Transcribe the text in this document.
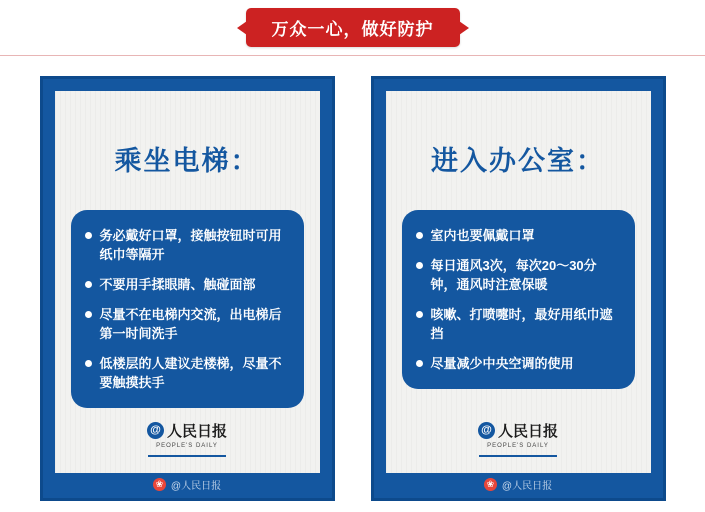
万众一心，做好防护
乘坐电梯：
务必戴好口罩，接触按钮时可用纸巾等隔开
不要用手揉眼睛、触碰面部
尽量不在电梯内交流，出电梯后第一时间洗手
低楼层的人建议走楼梯，尽量不要触摸扶手
@ 人民日报
PEOPLE'S DAILY
❀ @人民日报
进入办公室：
室内也要佩戴口罩
每日通风3次，每次20～30分钟，通风时注意保暖
咳嗽、打喷嚏时，最好用纸巾遮挡
尽量减少中央空调的使用
@ 人民日报
PEOPLE'S DAILY
❀ @人民日报
